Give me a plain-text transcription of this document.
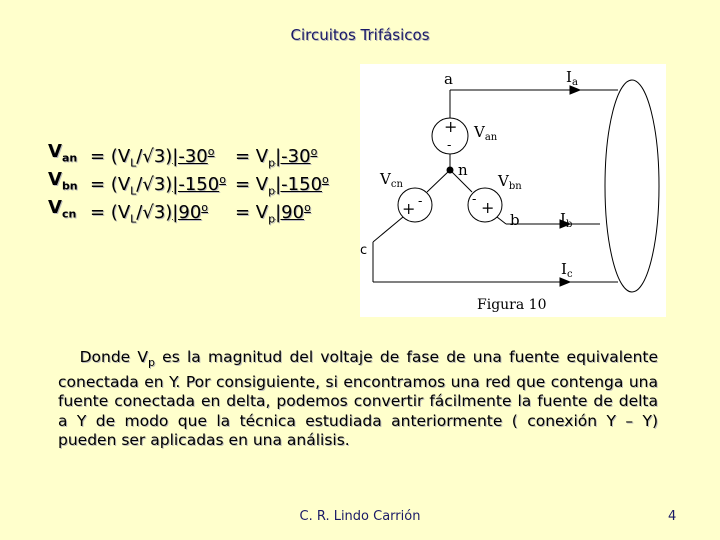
Circuitos Trifásicos
$V_{an} = (V_L/√3)|-30^o = V_p|-30^o$
$V_{bn} = (V_L/√3)|-150^o = V_p|-150^o$
$V_{cn} = (V_L/√3)|90^o = V_p|90^o$
a	$I_a$
+
-
$V_{an}$
n
$V_{cn}$
+ -
$V_{bn}$
- +
b	$I_b$
c
$I_c$
Figura 10
Donde $V_p$ es la magnitud del voltaje de fase de una fuente equivalente conectada en Y. Por consiguiente, si encontramos una red que contenga una fuente conectada en delta, podemos convertir fácilmente la fuente de delta a Y de modo que la técnica estudiada anteriormente ( conexión Y – Y) pueden ser aplicadas en una análisis.
C. R. Lindo Carrión	4
